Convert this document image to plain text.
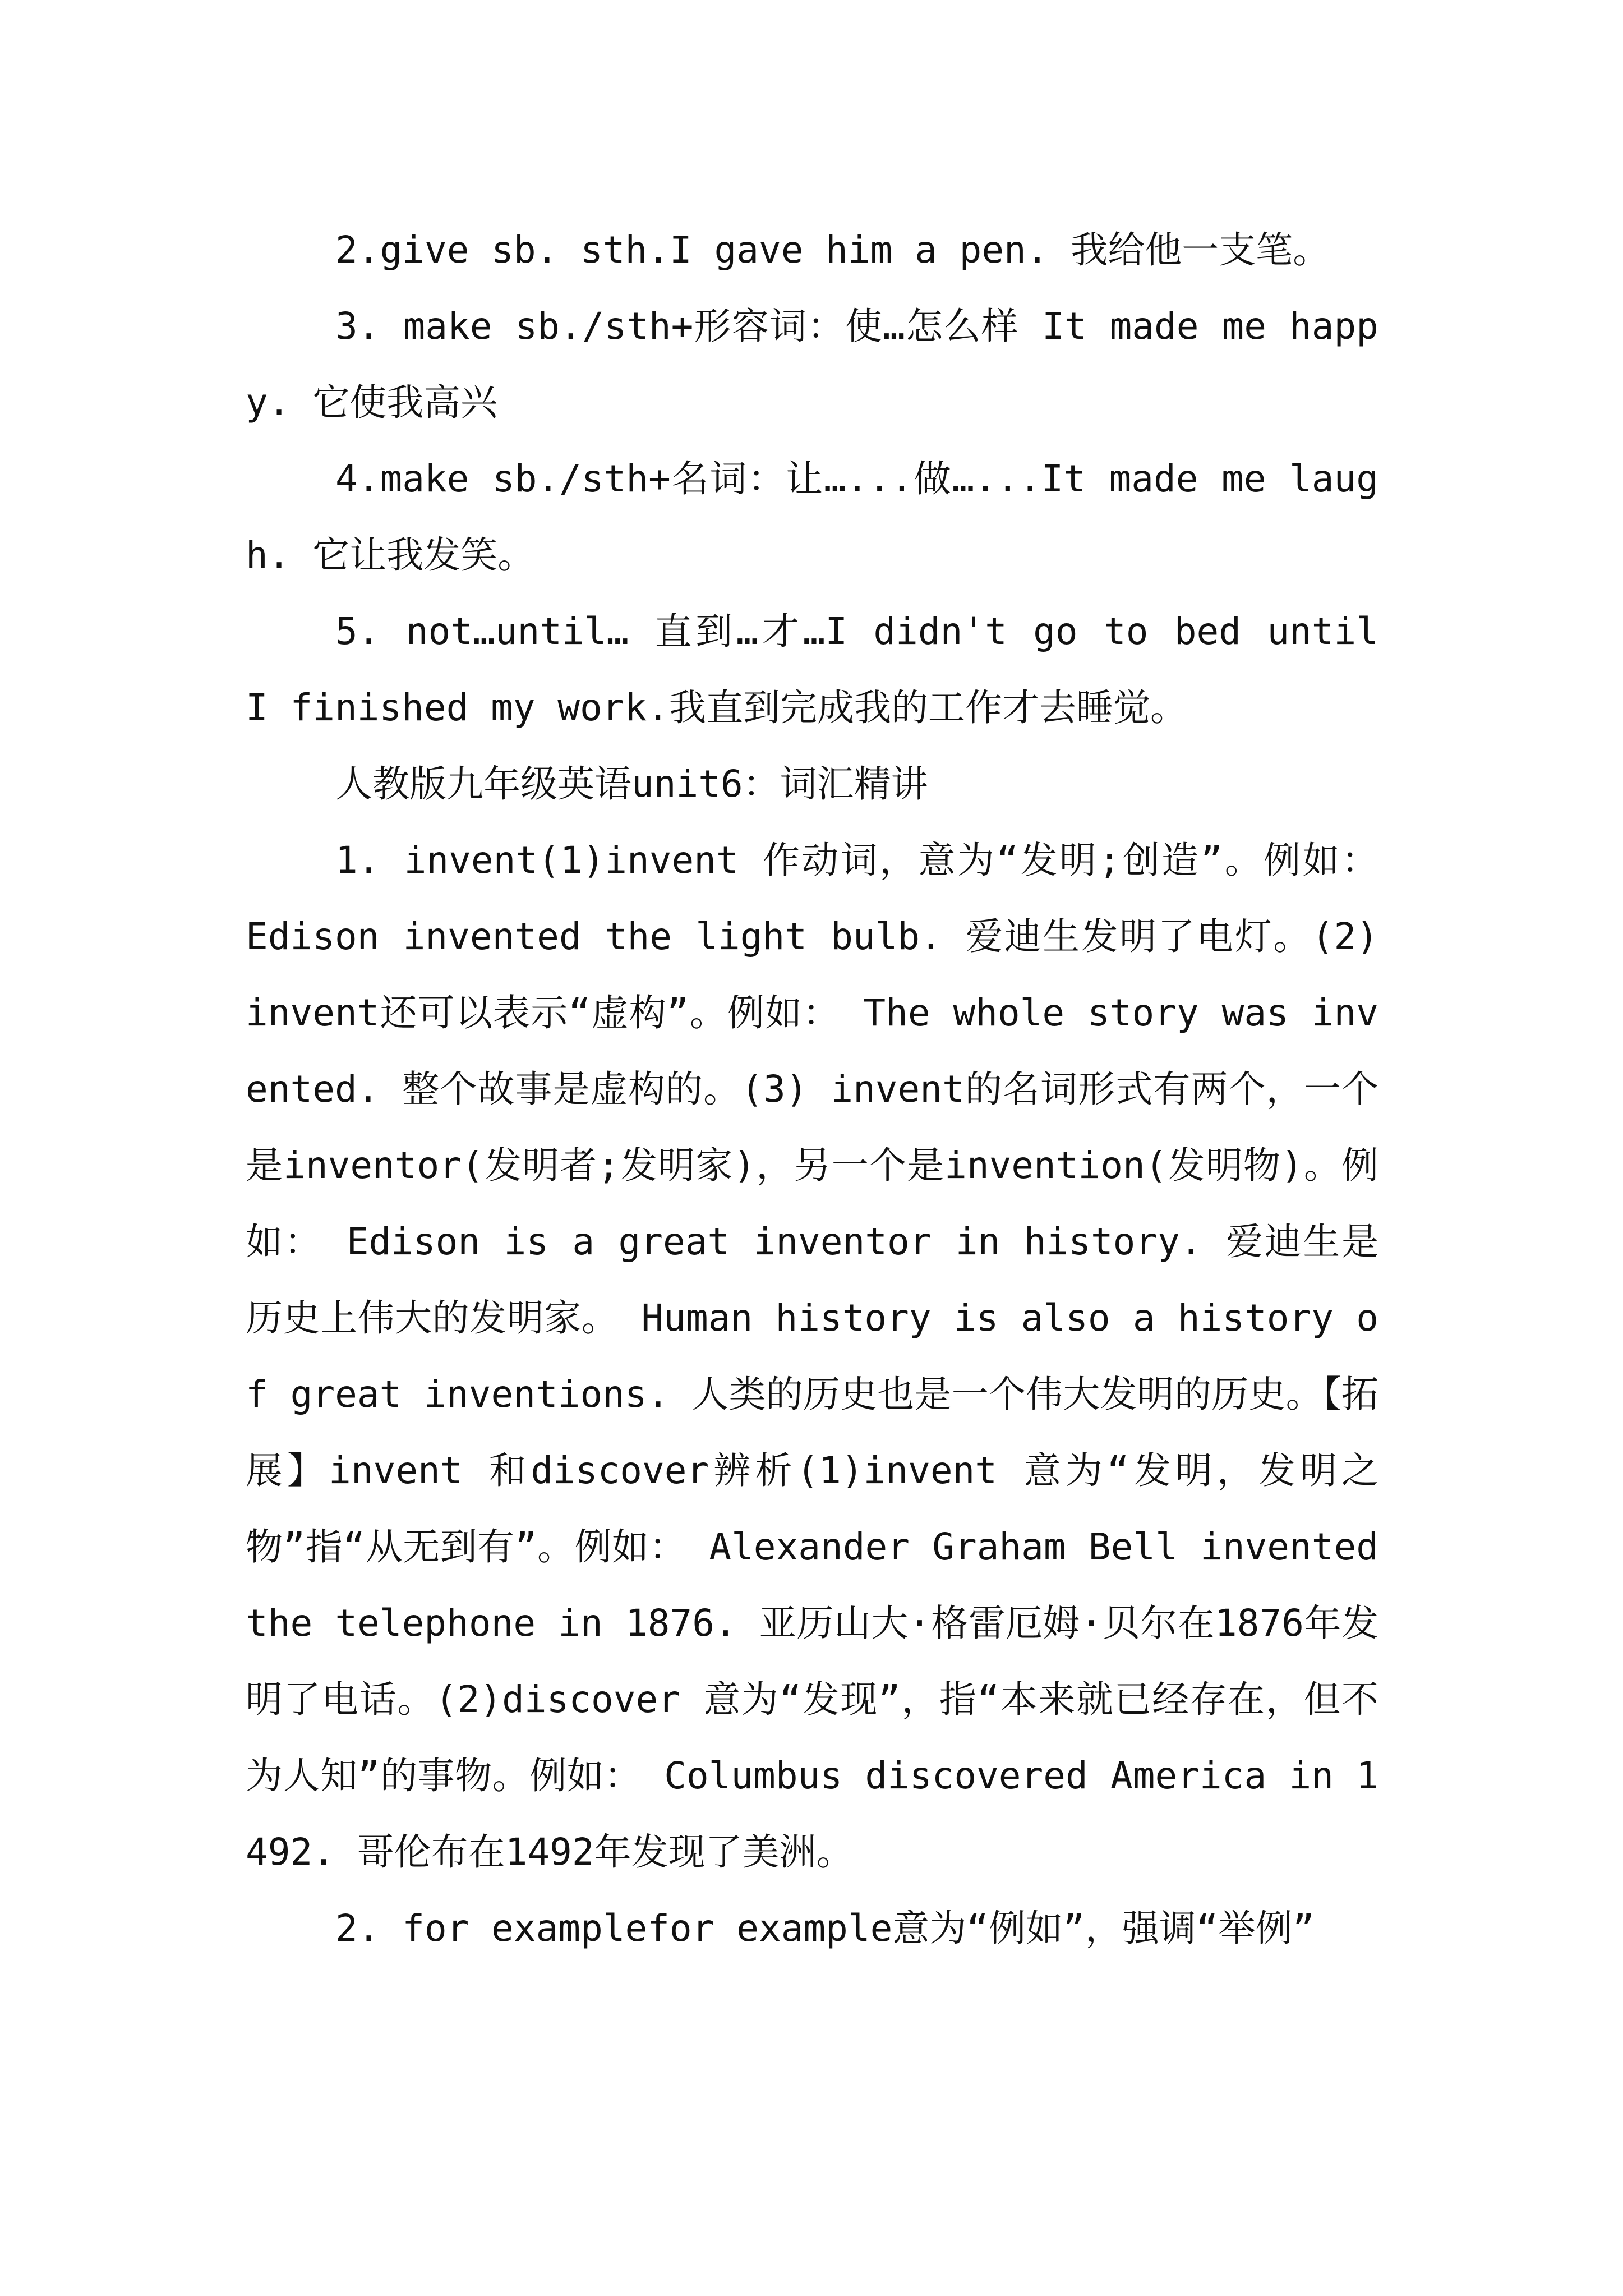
2.give sb. sth.I gave him a pen. 我给他一支笔。

3. make sb./sth+形容词：使…怎么样 It made me happy. 它使我高兴

4.make sb./sth+名词：让…...做…...It made me laugh. 它让我发笑。

5. not…until… 直到…才…I didn't go to bed until I finished my work.我直到完成我的工作才去睡觉。

人教版九年级英语unit6：词汇精讲

1. invent(1)invent 作动词，意为“发明;创造”。例如： Edison invented the light bulb. 爱迪生发明了电灯。(2)invent还可以表示“虚构”。例如： The whole story was invented. 整个故事是虚构的。(3) invent的名词形式有两个，一个是inventor(发明者;发明家)，另一个是invention(发明物)。例如： Edison is a great inventor in history. 爱迪生是历史上伟大的发明家。 Human history is also a history of great inventions. 人类的历史也是一个伟大发明的历史。【拓展】invent 和discover辨析(1)invent 意为“发明，发明之物”指“从无到有”。例如： Alexander Graham Bell invented the telephone in 1876. 亚历山大·格雷厄姆·贝尔在1876年发明了电话。(2)discover 意为“发现”，指“本来就已经存在，但不为人知”的事物。例如： Columbus discovered America in 1492. 哥伦布在1492年发现了美洲。

2. for examplefor example意为“例如”，强调“举例”
